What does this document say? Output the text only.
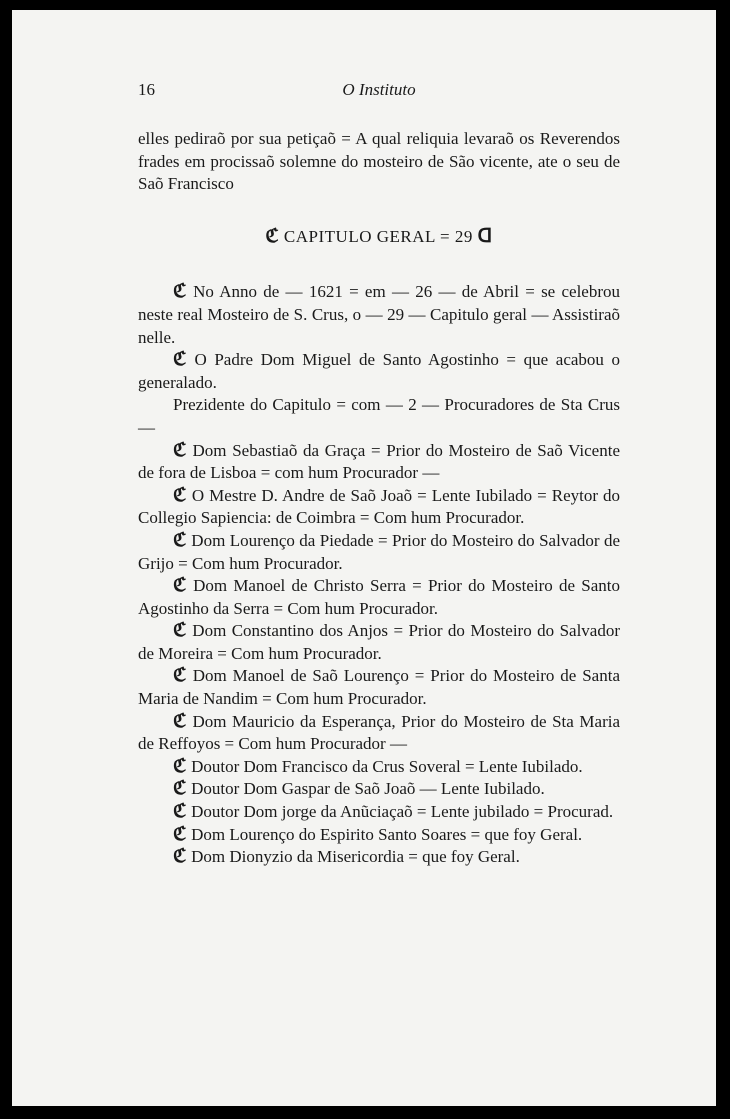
16	O Instituto

elles pediraõ por sua petiçaõ = A qual reliquia levaraõ os Reverendos frades em procissaõ solemne do mosteiro de São vicente, ate o seu de Saõ Francisco

ℭ CAPITULO GERAL = 29 ᗡ

ℭ No Anno de — 1621 = em — 26 — de Abril = se celebrou neste real Mosteiro de S. Crus, o — 29 — Capitulo geral — Assistiraõ nelle.

ℭ O Padre Dom Miguel de Santo Agostinho = que acabou o generalado.

Prezidente do Capitulo = com — 2 — Procuradores de Sta Crus —

ℭ Dom Sebastiaõ da Graça = Prior do Mosteiro de Saõ Vicente de fora de Lisboa = com hum Procurador —

ℭ O Mestre D. Andre de Saõ Joaõ = Lente Iubilado = Reytor do Collegio Sapiencia: de Coimbra = Com hum Procurador.

ℭ Dom Lourenço da Piedade = Prior do Mosteiro do Salvador de Grijo = Com hum Procurador.

ℭ Dom Manoel de Christo Serra = Prior do Mosteiro de Santo Agostinho da Serra = Com hum Procurador.

ℭ Dom Constantino dos Anjos = Prior do Mosteiro do Salvador de Moreira = Com hum Procurador.

ℭ Dom Manoel de Saõ Lourenço = Prior do Mosteiro de Santa Maria de Nandim = Com hum Procurador.

ℭ Dom Mauricio da Esperança, Prior do Mosteiro de Sta Maria de Reffoyos = Com hum Procurador —

ℭ Doutor Dom Francisco da Crus Soveral = Lente Iubilado.

ℭ Doutor Dom Gaspar de Saõ Joaõ — Lente Iubilado.

ℭ Doutor Dom jorge da Anũciaçaõ = Lente jubilado = Procurad.

ℭ Dom Lourenço do Espirito Santo Soares = que foy Geral.

ℭ Dom Dionyzio da Misericordia = que foy Geral.
